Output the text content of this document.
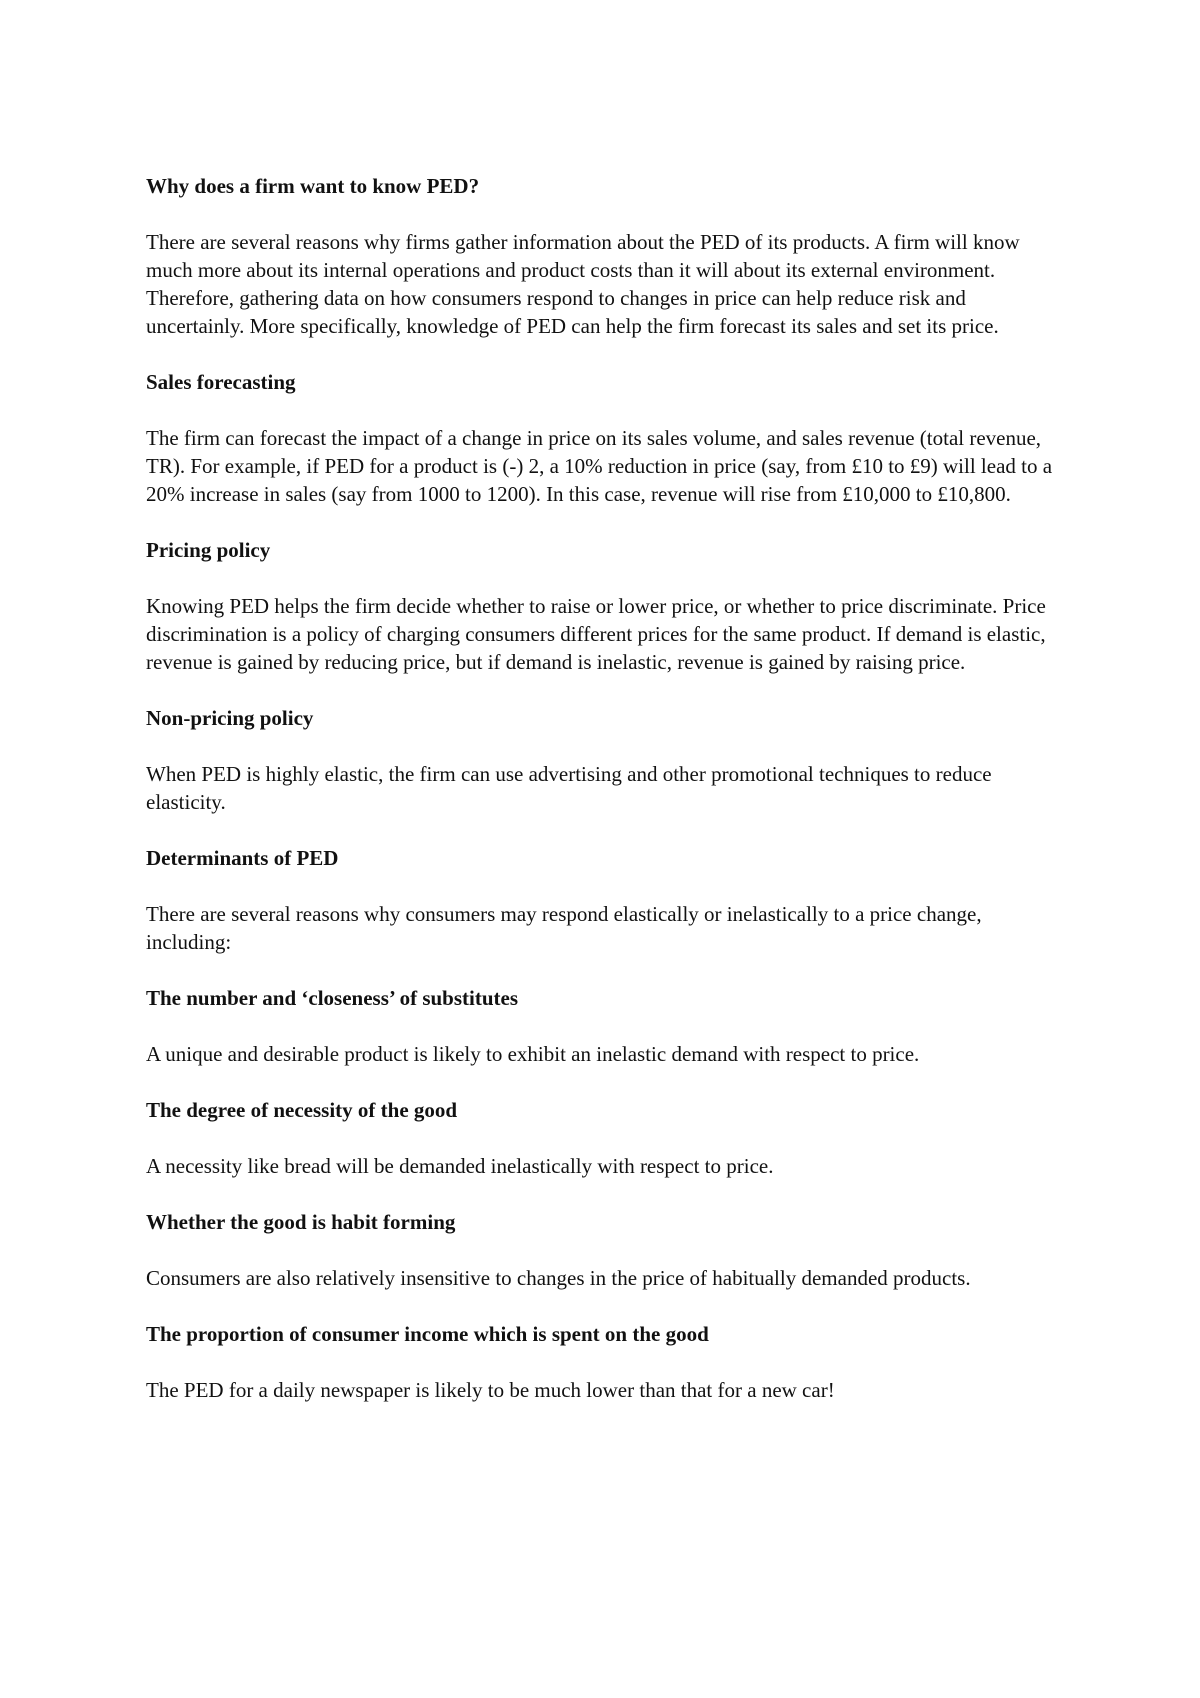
Why does a firm want to know PED?

There are several reasons why firms gather information about the PED of its products. A firm will know much more about its internal operations and product costs than it will about its external environment. Therefore, gathering data on how consumers respond to changes in price can help reduce risk and uncertainly. More specifically, knowledge of PED can help the firm forecast its sales and set its price.

Sales forecasting

The firm can forecast the impact of a change in price on its sales volume, and sales revenue (total revenue, TR). For example, if PED for a product is (-) 2, a 10% reduction in price (say, from £10 to £9) will lead to a 20% increase in sales (say from 1000 to 1200). In this case, revenue will rise from £10,000 to £10,800.

Pricing policy

Knowing PED helps the firm decide whether to raise or lower price, or whether to price discriminate. Price discrimination is a policy of charging consumers different prices for the same product. If demand is elastic, revenue is gained by reducing price, but if demand is inelastic, revenue is gained by raising price.

Non-pricing policy

When PED is highly elastic, the firm can use advertising and other promotional techniques to reduce elasticity.

Determinants of PED

There are several reasons why consumers may respond elastically or inelastically to a price change, including:

The number and ‘closeness’ of substitutes

A unique and desirable product is likely to exhibit an inelastic demand with respect to price.

The degree of necessity of the good

A necessity like bread will be demanded inelastically with respect to price.

Whether the good is habit forming

Consumers are also relatively insensitive to changes in the price of habitually demanded products.

The proportion of consumer income which is spent on the good

The PED for a daily newspaper is likely to be much lower than that for a new car!
